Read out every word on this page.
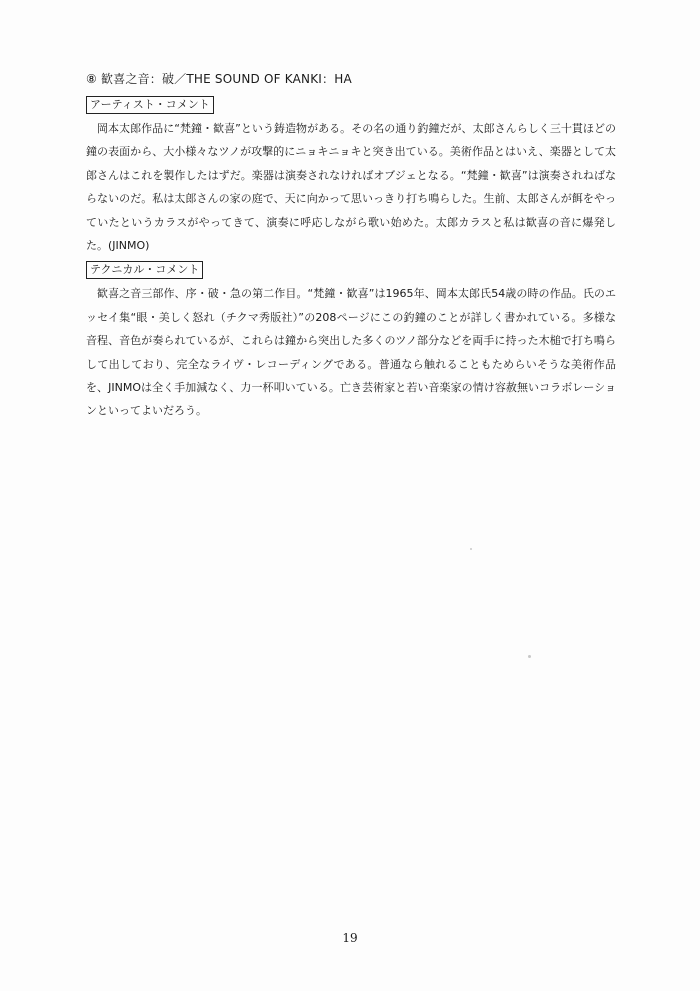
⑧ 歓喜之音：破／THE SOUND OF KANKI：HA
アーティスト・コメント

岡本太郎作品に“梵鐘・歓喜”という鋳造物がある。その名の通り釣鐘だが、太郎さんらしく三十貫ほどの鐘の表面から、大小様々なツノが攻撃的にニョキニョキと突き出ている。美術作品とはいえ、楽器として太郎さんはこれを製作したはずだ。楽器は演奏されなければオブジェとなる。“梵鐘・歓喜”は演奏されねばならないのだ。私は太郎さんの家の庭で、天に向かって思いっきり打ち鳴らした。生前、太郎さんが餌をやっていたというカラスがやってきて、演奏に呼応しながら歌い始めた。太郎カラスと私は歓喜の音に爆発した。(JINMO)

テクニカル・コメント

歓喜之音三部作、序・破・急の第二作目。“梵鐘・歓喜”は1965年、岡本太郎氏54歳の時の作品。氏のエッセイ集“眼・美しく怒れ（チクマ秀版社）”の208ページにこの釣鐘のことが詳しく書かれている。多様な音程、音色が奏られているが、これらは鐘から突出した多くのツノ部分などを両手に持った木槌で打ち鳴らして出しており、完全なライヴ・レコーディングである。普通なら触れることもためらいそうな美術作品を、JINMOは全く手加減なく、力一杯叩いている。亡き芸術家と若い音楽家の情け容赦無いコラボレーションといってよいだろう。

19
